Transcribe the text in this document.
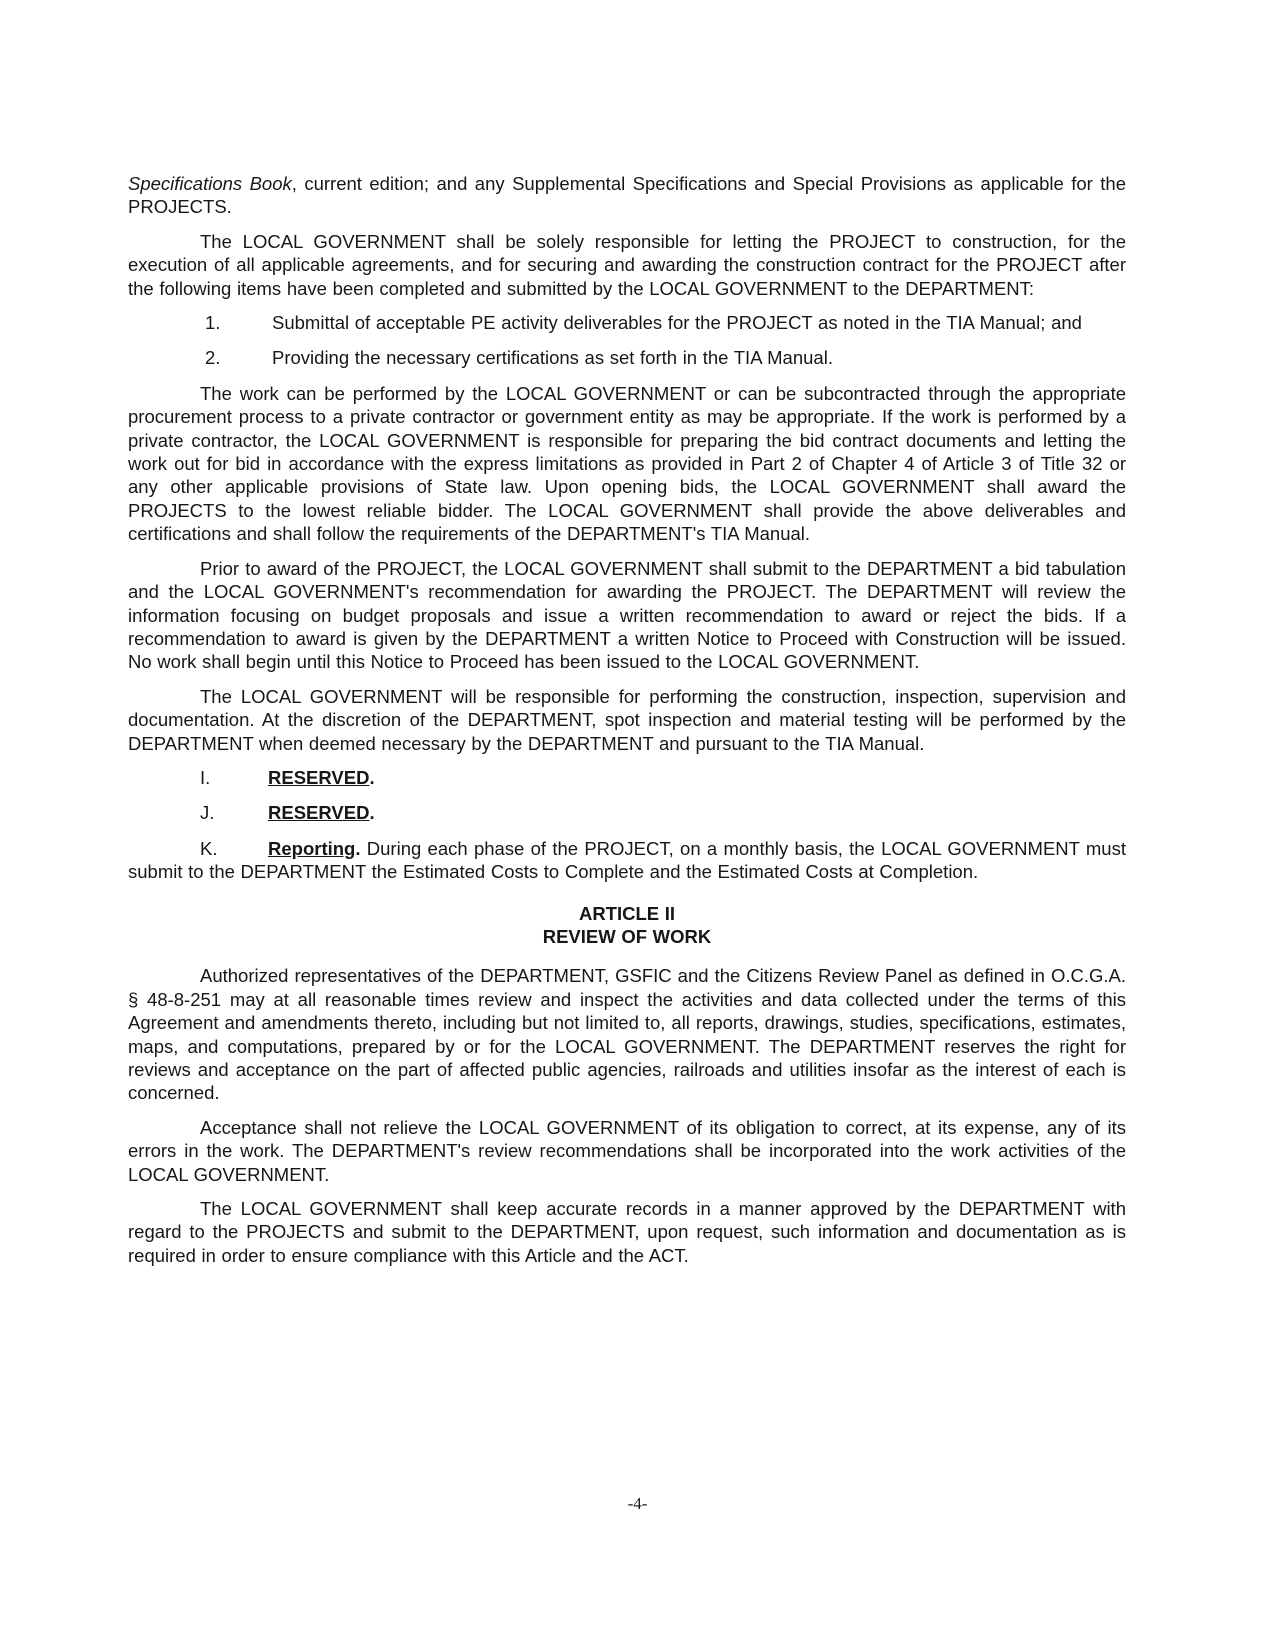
Specifications Book, current edition; and any Supplemental Specifications and Special Provisions as applicable for the PROJECTS.

The LOCAL GOVERNMENT shall be solely responsible for letting the PROJECT to construction, for the execution of all applicable agreements, and for securing and awarding the construction contract for the PROJECT after the following items have been completed and submitted by the LOCAL GOVERNMENT to the DEPARTMENT:

1.	Submittal of acceptable PE activity deliverables for the PROJECT as noted in the TIA Manual; and
2.	Providing the necessary certifications as set forth in the TIA Manual.

The work can be performed by the LOCAL GOVERNMENT or can be subcontracted through the appropriate procurement process to a private contractor or government entity as may be appropriate. If the work is performed by a private contractor, the LOCAL GOVERNMENT is responsible for preparing the bid contract documents and letting the work out for bid in accordance with the express limitations as provided in Part 2 of Chapter 4 of Article 3 of Title 32 or any other applicable provisions of State law. Upon opening bids, the LOCAL GOVERNMENT shall award the PROJECTS to the lowest reliable bidder. The LOCAL GOVERNMENT shall provide the above deliverables and certifications and shall follow the requirements of the DEPARTMENT's TIA Manual.

Prior to award of the PROJECT, the LOCAL GOVERNMENT shall submit to the DEPARTMENT a bid tabulation and the LOCAL GOVERNMENT's recommendation for awarding the PROJECT. The DEPARTMENT will review the information focusing on budget proposals and issue a written recommendation to award or reject the bids. If a recommendation to award is given by the DEPARTMENT a written Notice to Proceed with Construction will be issued. No work shall begin until this Notice to Proceed has been issued to the LOCAL GOVERNMENT.

The LOCAL GOVERNMENT will be responsible for performing the construction, inspection, supervision and documentation. At the discretion of the DEPARTMENT, spot inspection and material testing will be performed by the DEPARTMENT when deemed necessary by the DEPARTMENT and pursuant to the TIA Manual.

I.	RESERVED.

J.	RESERVED.

K.	Reporting. During each phase of the PROJECT, on a monthly basis, the LOCAL GOVERNMENT must submit to the DEPARTMENT the Estimated Costs to Complete and the Estimated Costs at Completion.

ARTICLE II
REVIEW OF WORK

Authorized representatives of the DEPARTMENT, GSFIC and the Citizens Review Panel as defined in O.C.G.A. § 48-8-251 may at all reasonable times review and inspect the activities and data collected under the terms of this Agreement and amendments thereto, including but not limited to, all reports, drawings, studies, specifications, estimates, maps, and computations, prepared by or for the LOCAL GOVERNMENT. The DEPARTMENT reserves the right for reviews and acceptance on the part of affected public agencies, railroads and utilities insofar as the interest of each is concerned.

Acceptance shall not relieve the LOCAL GOVERNMENT of its obligation to correct, at its expense, any of its errors in the work. The DEPARTMENT's review recommendations shall be incorporated into the work activities of the LOCAL GOVERNMENT.

The LOCAL GOVERNMENT shall keep accurate records in a manner approved by the DEPARTMENT with regard to the PROJECTS and submit to the DEPARTMENT, upon request, such information and documentation as is required in order to ensure compliance with this Article and the ACT.

-4-
